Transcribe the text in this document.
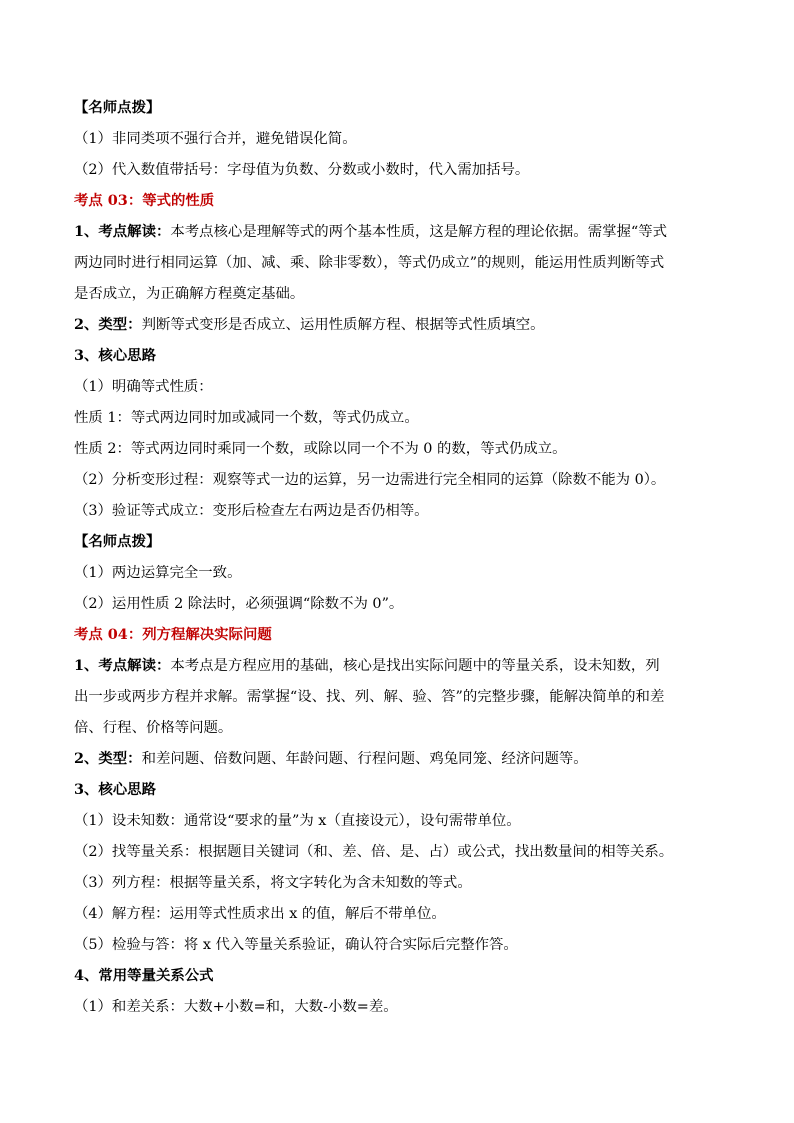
【名师点拨】
（1）非同类项不强行合并，避免错误化简。
（2）代入数值带括号：字母值为负数、分数或小数时，代入需加括号。
考点 03：等式的性质
1、考点解读：本考点核心是理解等式的两个基本性质，这是解方程的理论依据。需掌握“等式
两边同时进行相同运算（加、减、乘、除非零数），等式仍成立”的规则，能运用性质判断等式
是否成立，为正确解方程奠定基础。
2、类型：判断等式变形是否成立、运用性质解方程、根据等式性质填空。
3、核心思路
（1）明确等式性质：
性质 1：等式两边同时加或减同一个数，等式仍成立。
性质 2：等式两边同时乘同一个数，或除以同一个不为 0 的数，等式仍成立。
（2）分析变形过程：观察等式一边的运算，另一边需进行完全相同的运算（除数不能为 0）。
（3）验证等式成立：变形后检查左右两边是否仍相等。
【名师点拨】
（1）两边运算完全一致。
（2）运用性质 2 除法时，必须强调“除数不为 0”。
考点 04：列方程解决实际问题
1、考点解读：本考点是方程应用的基础，核心是找出实际问题中的等量关系，设未知数，列
出一步或两步方程并求解。需掌握“设、找、列、解、验、答”的完整步骤，能解决简单的和差
倍、行程、价格等问题。
2、类型：和差问题、倍数问题、年龄问题、行程问题、鸡兔同笼、经济问题等。
3、核心思路
（1）设未知数：通常设“要求的量”为 x（直接设元），设句需带单位。
（2）找等量关系：根据题目关键词（和、差、倍、是、占）或公式，找出数量间的相等关系。
（3）列方程：根据等量关系，将文字转化为含未知数的等式。
（4）解方程：运用等式性质求出 x 的值，解后不带单位。
（5）检验与答：将 x 代入等量关系验证，确认符合实际后完整作答。
4、常用等量关系公式
（1）和差关系：大数+小数=和，大数-小数=差。
